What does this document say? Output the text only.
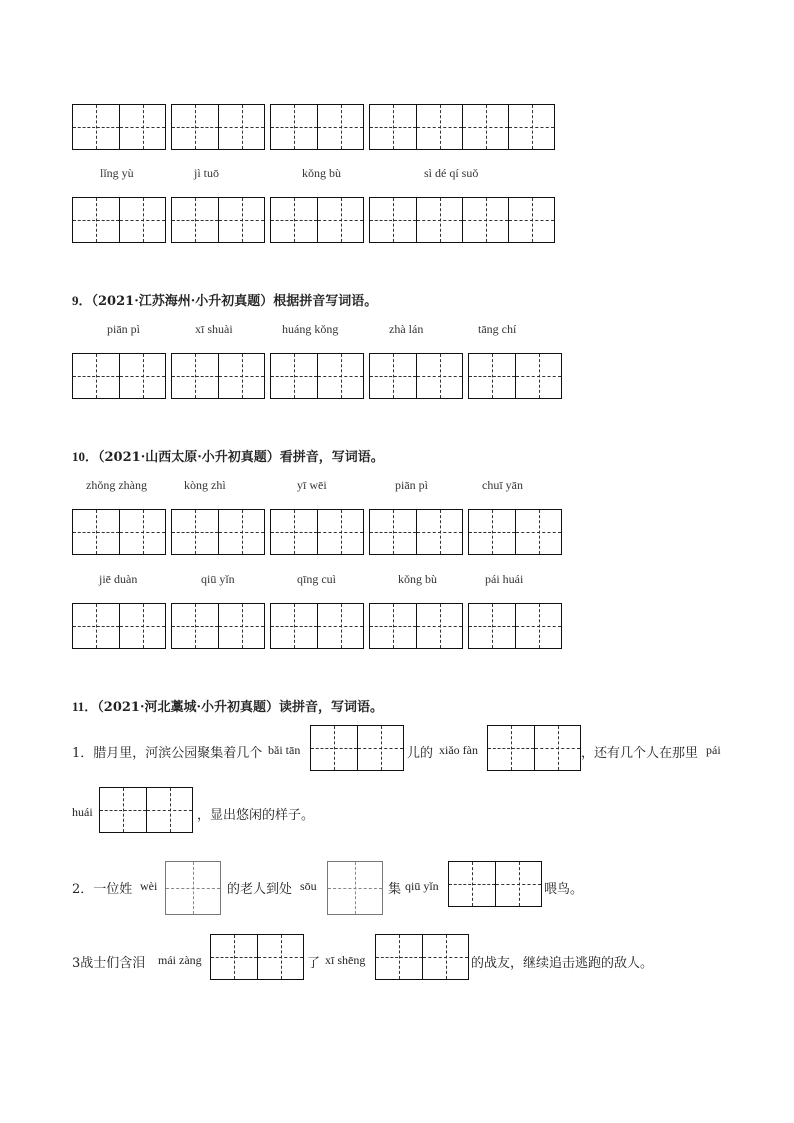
lǐng yù	jì tuō	kǒng bù	sì dé qí suǒ
9．（2021·江苏海州·小升初真题）根据拼音写词语。
piān pì	xī shuài	huáng kǒng	zhà lán	tāng chí
10．（2021·山西太原·小升初真题）看拼音，写词语。
zhǒng zhàng	kòng zhì	yī wēi	piān pì	chuī yān
jiē duàn	qiū yǐn	qīng cuì	kǒng bù	pái huái
11．（2021·河北藁城·小升初真题）读拼音，写词语。
1．腊月里，河滨公园聚集着几个 bǎi tān	儿的 xiǎo fàn	，还有几个人在那里 pái
huái	，显出悠闲的样子。
2．一位姓 wèi	的老人到处 sōu	集 qiū yǐn	喂鸟。
3战士们含泪 mái zàng	了 xī shēng	的战友，继续追击逃跑的敌人。
